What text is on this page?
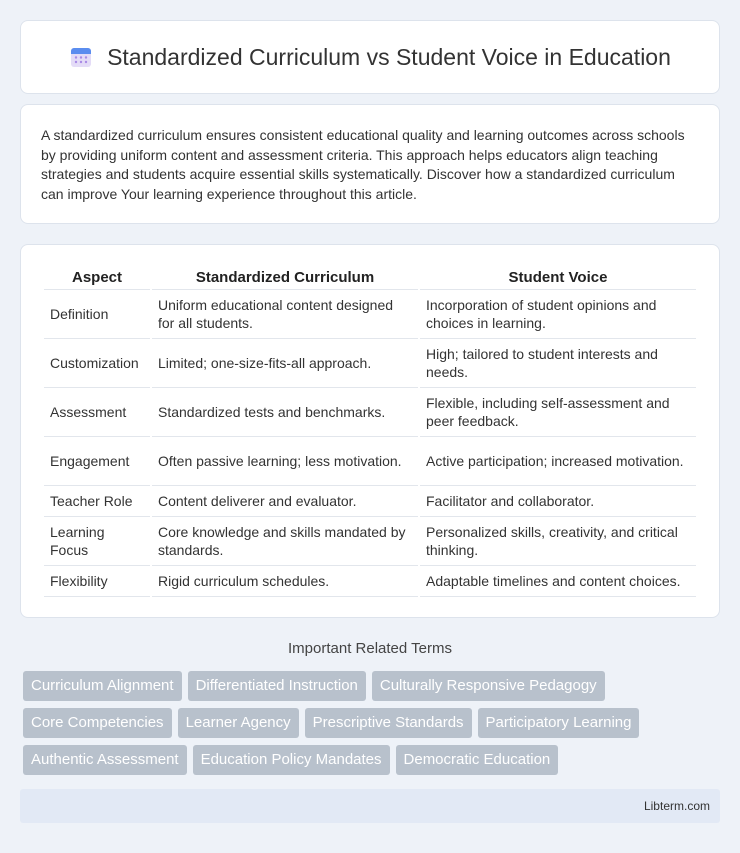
Standardized Curriculum vs Student Voice in Education

A standardized curriculum ensures consistent educational quality and learning outcomes across schools by providing uniform content and assessment criteria. This approach helps educators align teaching strategies and students acquire essential skills systematically. Discover how a standardized curriculum can improve Your learning experience throughout this article.

Aspect	Standardized Curriculum	Student Voice
Definition	Uniform educational content designed for all students.	Incorporation of student opinions and choices in learning.
Customization	Limited; one-size-fits-all approach.	High; tailored to student interests and needs.
Assessment	Standardized tests and benchmarks.	Flexible, including self-assessment and peer feedback.
Engagement	Often passive learning; less motivation.	Active participation; increased motivation.
Teacher Role	Content deliverer and evaluator.	Facilitator and collaborator.
Learning Focus	Core knowledge and skills mandated by standards.	Personalized skills, creativity, and critical thinking.
Flexibility	Rigid curriculum schedules.	Adaptable timelines and content choices.
Important Related Terms
Curriculum Alignment	Differentiated Instruction	Culturally Responsive Pedagogy
Core Competencies	Learner Agency	Prescriptive Standards	Participatory Learning
Authentic Assessment	Education Policy Mandates	Democratic Education
Libterm.com
